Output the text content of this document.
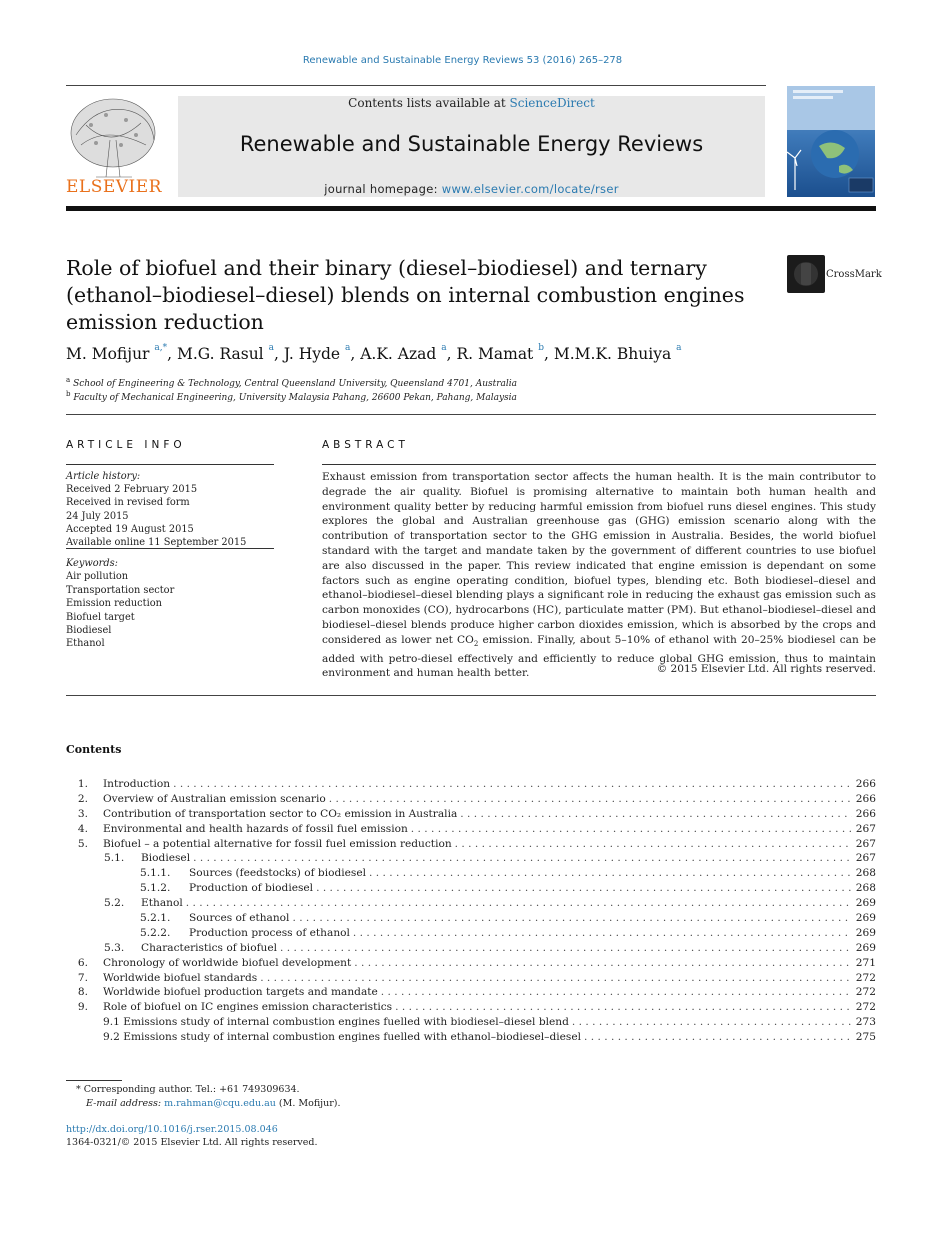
Renewable and Sustainable Energy Reviews 53 (2016) 265–278
ELSEVIER
Contents lists available at ScienceDirect
Renewable and Sustainable Energy Reviews
journal homepage: www.elsevier.com/locate/rser
Role of biofuel and their binary (diesel–biodiesel) and ternary (ethanol–biodiesel–diesel) blends on internal combustion engines emission reduction
CrossMark
M. Mofijur $^{a,*}$, M.G. Rasul $^a$, J. Hyde $^a$, A.K. Azad $^a$, R. Mamat $^b$, M.M.K. Bhuiya $^a$
$^a$ School of Engineering & Technology, Central Queensland University, Queensland 4701, Australia
$^b$ Faculty of Mechanical Engineering, University Malaysia Pahang, 26600 Pekan, Pahang, Malaysia
ARTICLE INFO
Article history:
Received 2 February 2015
Received in revised form
24 July 2015
Accepted 19 August 2015
Available online 11 September 2015
Keywords:
Air pollution
Transportation sector
Emission reduction
Biofuel target
Biodiesel
Ethanol
ABSTRACT
Exhaust emission from transportation sector affects the human health. It is the main contributor to degrade the air quality. Biofuel is promising alternative to maintain both human health and environment quality better by reducing harmful emission from biofuel runs diesel engines. This study explores the global and Australian greenhouse gas (GHG) emission scenario along with the contribution of transportation sector to the GHG emission in Australia. Besides, the world biofuel standard with the target and mandate taken by the government of different countries to use biofuel are also discussed in the paper. This review indicated that engine emission is dependant on some factors such as engine operating condition, biofuel types, blending etc. Both biodiesel–diesel and ethanol–biodiesel–diesel blending plays a significant role in reducing the exhaust gas emission such as carbon monoxides (CO), hydrocarbons (HC), particulate matter (PM). But ethanol–biodiesel–diesel and biodiesel–diesel blends produce higher carbon dioxides emission, which is absorbed by the crops and considered as lower net $CO_2$ emission. Finally, about 5–10% of ethanol with 20–25% biodiesel can be added with petro-diesel effectively and efficiently to reduce global GHG emission, thus to maintain environment and human health better.	© 2015 Elsevier Ltd. All rights reserved.
Contents
1. Introduction . . .	266
2. Overview of Australian emission scenario . . .	266
3. Contribution of transportation sector to CO₂ emission in Australia . . .	266
4. Environmental and health hazards of fossil fuel emission . . .	267
5. Biofuel – a potential alternative for fossil fuel emission reduction . . .	267
5.1.	Biodiesel . . .	267
5.1.1.	Sources (feedstocks) of biodiesel . . .	268
5.1.2.	Production of biodiesel . . .	268
5.2.	Ethanol . . .	269
5.2.1.	Sources of ethanol . . .	269
5.2.2.	Production process of ethanol . . .	269
5.3.	Characteristics of biofuel . . .	269
6. Chronology of worldwide biofuel development . . .	271
7. Worldwide biofuel standards . . .	272
8. Worldwide biofuel production targets and mandate . . .	272
9. Role of biofuel on IC engines emission characteristics . . .	272
9.1 Emissions study of internal combustion engines fuelled with biodiesel–diesel blend . . .	273
9.2 Emissions study of internal combustion engines fuelled with ethanol–biodiesel–diesel . . .	275
* Corresponding author. Tel.: +61 749309634.
E-mail address: m.rahman@cqu.edu.au (M. Mofijur).
http://dx.doi.org/10.1016/j.rser.2015.08.046
1364-0321/© 2015 Elsevier Ltd. All rights reserved.
